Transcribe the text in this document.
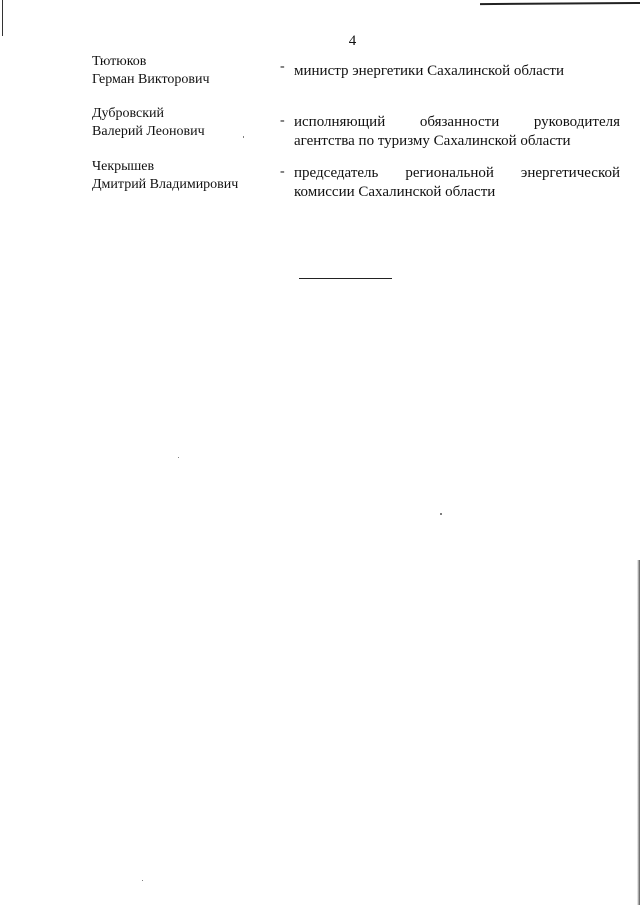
4
Тютюков
Герман Викторович
- министр энергетики Сахалинской области
Дубровский
Валерий Леонович
- исполняющий обязанности руководителя
агентства по туризму Сахалинской области
Чекрышев
Дмитрий Владимирович
- председатель региональной энергетической
комиссии Сахалинской области
